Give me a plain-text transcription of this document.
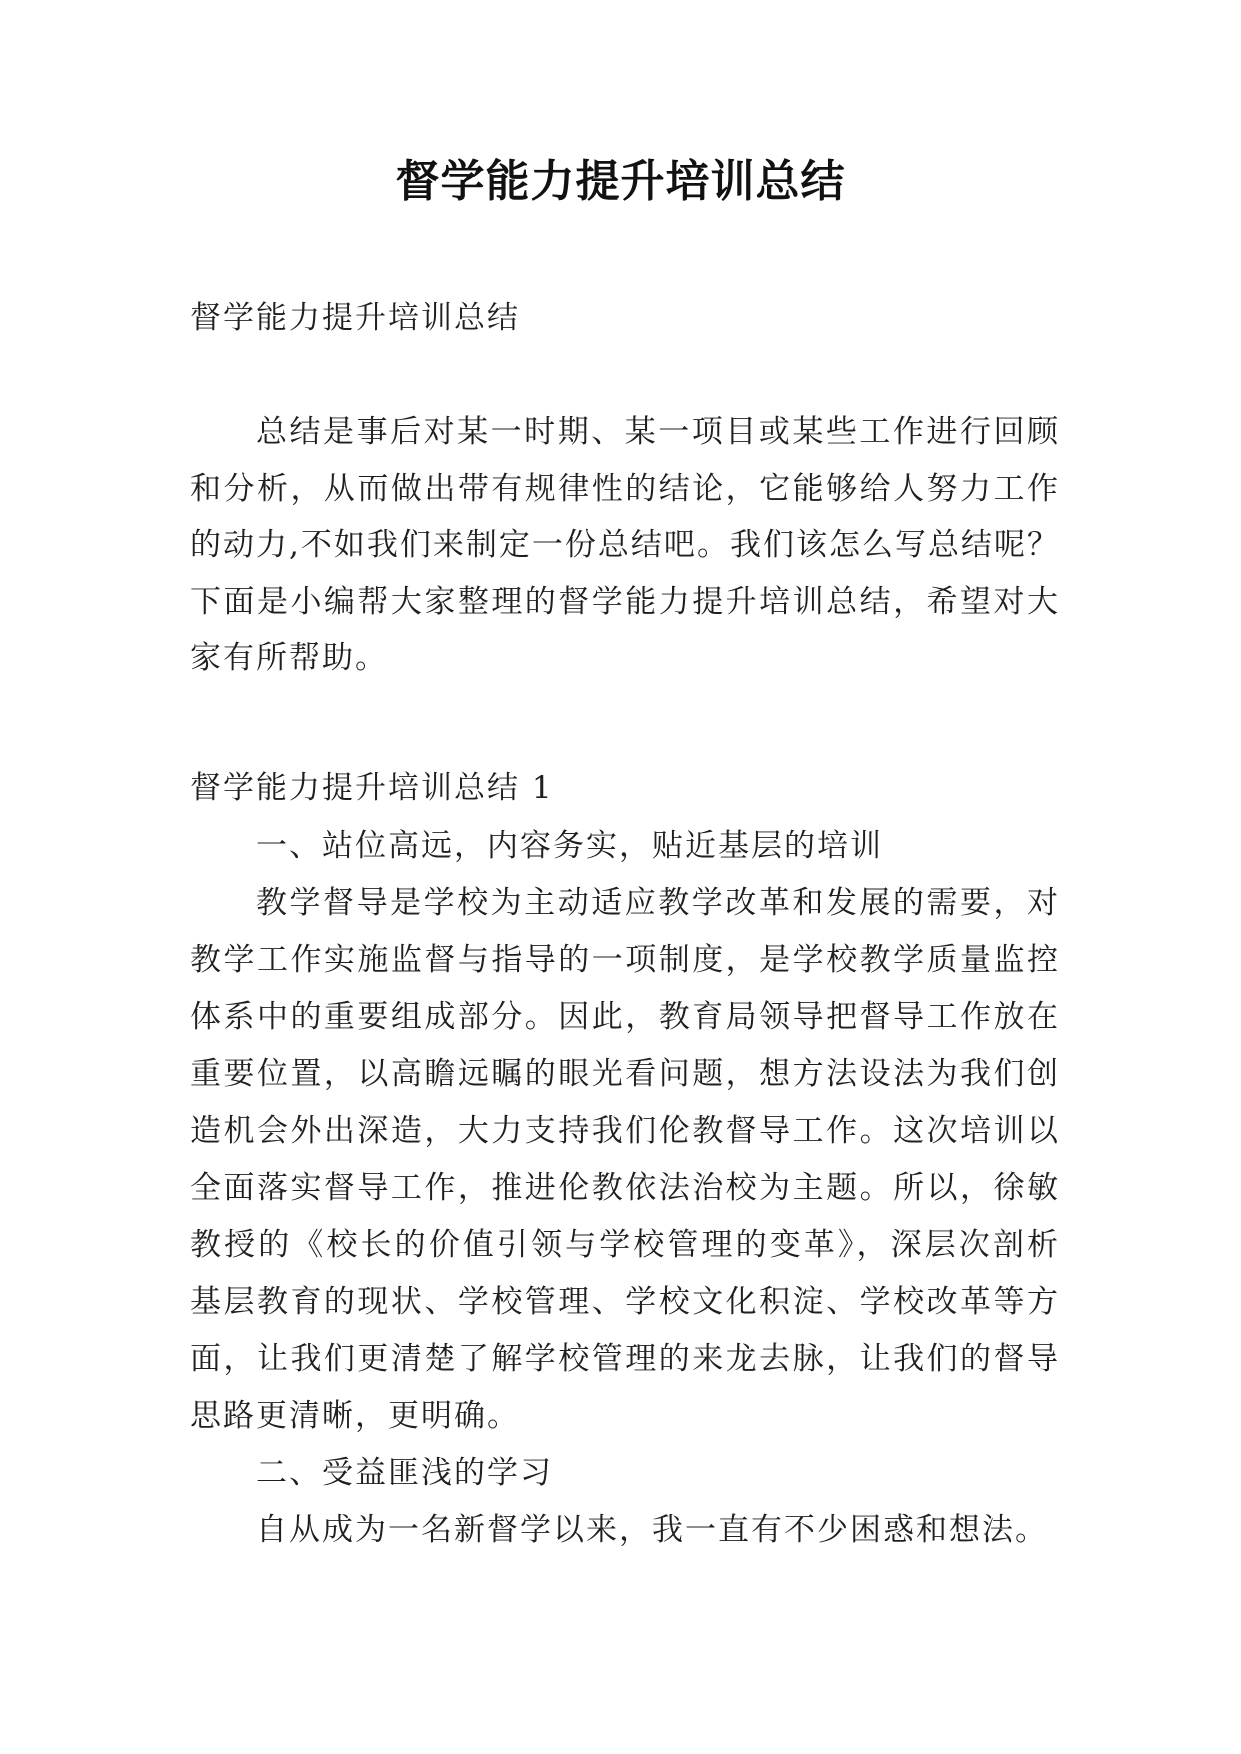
督学能力提升培训总结
督学能力提升培训总结
总结是事后对某一时期、某一项目或某些工作进行回顾和分析，从而做出带有规律性的结论，它能够给人努力工作的动力,不如我们来制定一份总结吧。我们该怎么写总结呢？下面是小编帮大家整理的督学能力提升培训总结，希望对大家有所帮助。
督学能力提升培训总结 1

一、站位高远，内容务实，贴近基层的培训

教学督导是学校为主动适应教学改革和发展的需要，对教学工作实施监督与指导的一项制度，是学校教学质量监控体系中的重要组成部分。因此，教育局领导把督导工作放在重要位置，以高瞻远瞩的眼光看问题，想方法设法为我们创造机会外出深造，大力支持我们伦教督导工作。这次培训以全面落实督导工作，推进伦教依法治校为主题。所以，徐敏教授的《校长的价值引领与学校管理的变革》，深层次剖析基层教育的现状、学校管理、学校文化积淀、学校改革等方面，让我们更清楚了解学校管理的来龙去脉，让我们的督导思路更清晰，更明确。

二、受益匪浅的学习

自从成为一名新督学以来，我一直有不少困惑和想法。
